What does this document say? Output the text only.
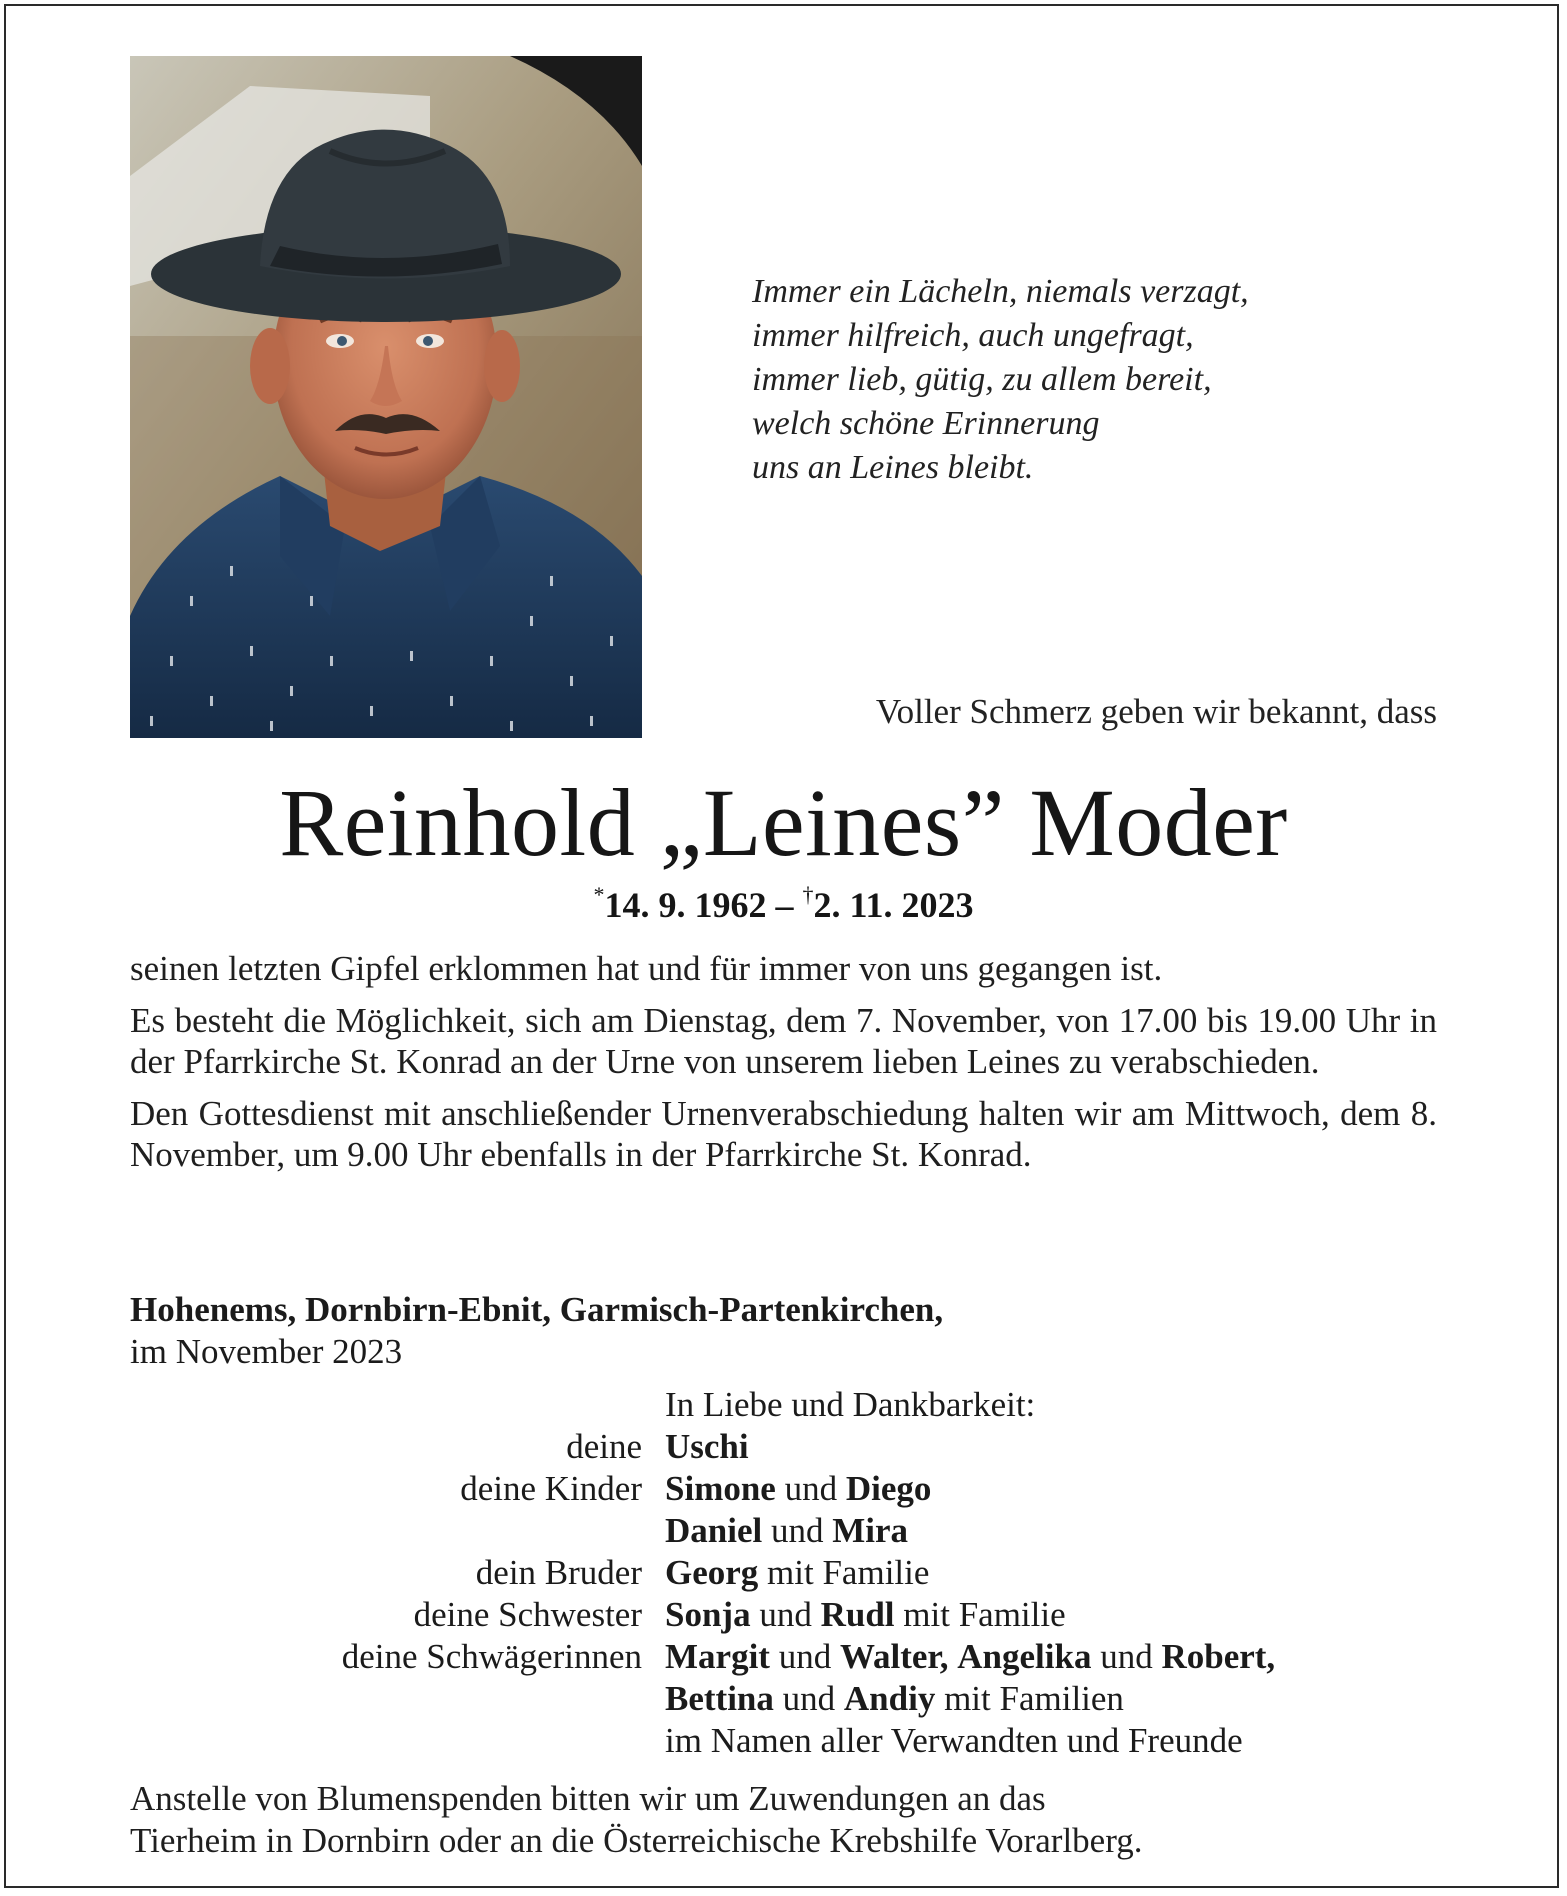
Immer ein Lächeln, niemals verzagt,
immer hilfreich, auch ungefragt,
immer lieb, gütig, zu allem bereit,
welch schöne Erinnerung
uns an Leines bleibt.
Voller Schmerz geben wir bekannt, dass
Reinhold „Leines” Moder
*14. 9. 1962 – †2. 11. 2023

seinen letzten Gipfel erklommen hat und für immer von uns gegangen ist.

Es besteht die Möglichkeit, sich am Dienstag, dem 7. November, von 17.00 bis 19.00 Uhr in der Pfarrkirche St. Konrad an der Urne von unserem lieben Leines zu verabschieden.

Den Gottesdienst mit anschließender Urnenverabschiedung halten wir am Mittwoch, dem 8. November, um 9.00 Uhr ebenfalls in der Pfarrkirche St. Konrad.

Hohenems, Dornbirn-Ebnit, Garmisch-Partenkirchen,
im November 2023
In Liebe und Dankbarkeit:
deine Uschi
deine Kinder Simone und Diego
Daniel und Mira
dein Bruder Georg mit Familie
deine Schwester Sonja und Rudl mit Familie
deine Schwägerinnen Margit und Walter, Angelika und Robert,
Bettina und Andiy mit Familien
im Namen aller Verwandten und Freunde
Anstelle von Blumenspenden bitten wir um Zuwendungen an das
Tierheim in Dornbirn oder an die Österreichische Krebshilfe Vorarlberg.
